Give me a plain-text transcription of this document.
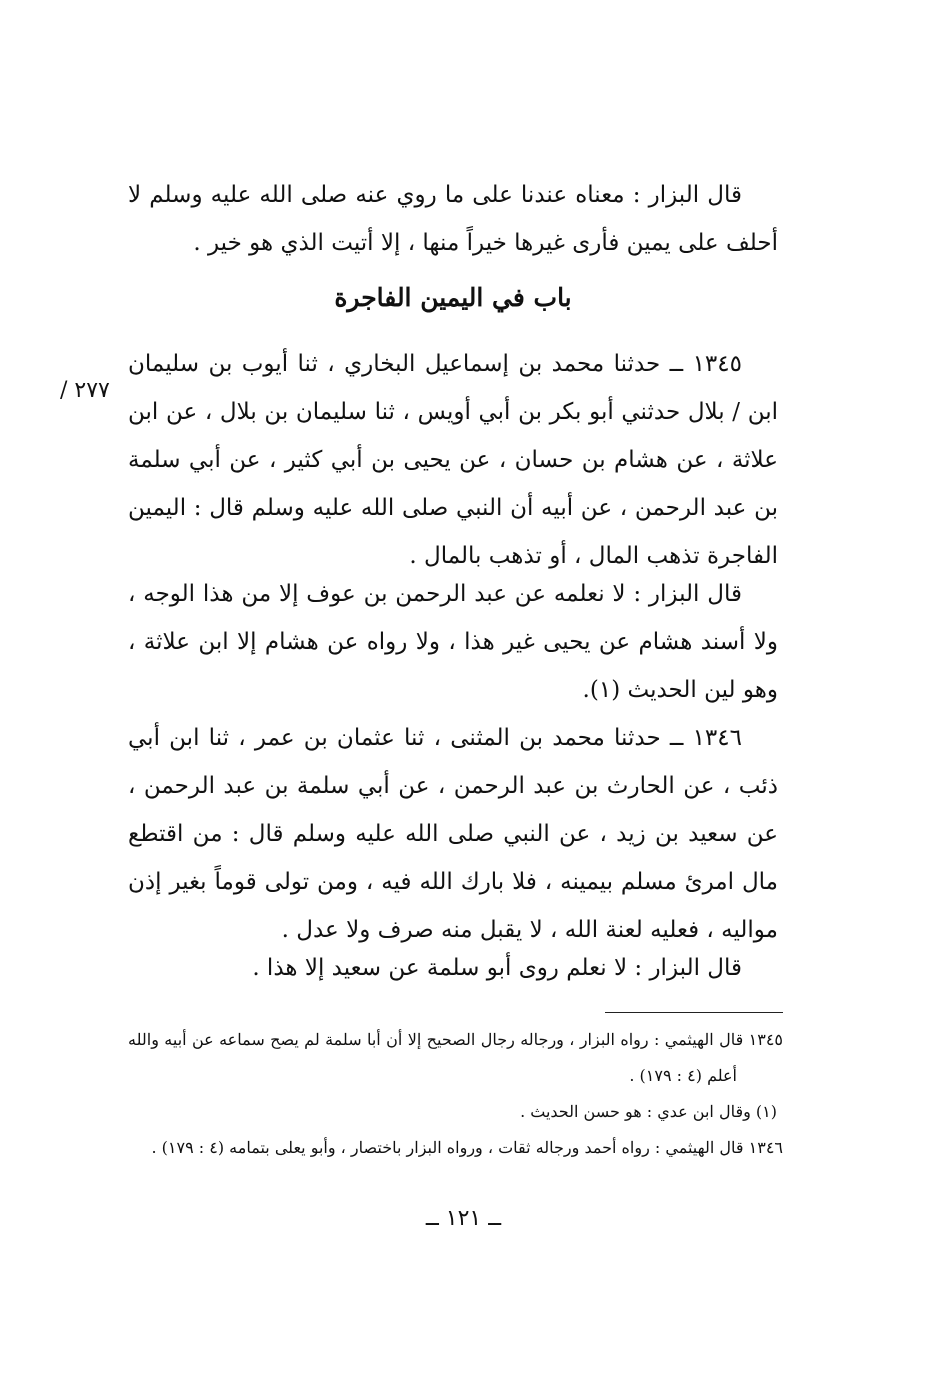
قال البزار : معناه عندنا على ما روي عنه صلى الله عليه وسلم لا أحلف على يمين فأرى غيرها خيراً منها ، إلا أتيت الذي هو خير .

باب في اليمين الفاجرة

١٣٤٥ ــ حدثنا محمد بن إسماعيل البخاري ، ثنا أيوب بن سليمان ابن / بلال حدثني أبو بكر بن أبي أويس ، ثنا سليمان بن بلال ، عن ابن علاثة ، عن هشام بن حسان ، عن يحيى بن أبي كثير ، عن أبي سلمة بن عبد الرحمن ، عن أبيه أن النبي صلى الله عليه وسلم قال : اليمين الفاجرة تذهب المال ، أو تذهب بالمال .

٢٧٧ /

قال البزار : لا نعلمه عن عبد الرحمن بن عوف إلا من هذا الوجه ، ولا أسند هشام عن يحيى غير هذا ، ولا رواه عن هشام إلا ابن علاثة ، وهو لين الحديث (١).

١٣٤٦ ــ حدثنا محمد بن المثنى ، ثنا عثمان بن عمر ، ثنا ابن أبي ذئب ، عن الحارث بن عبد الرحمن ، عن أبي سلمة بن عبد الرحمن ، عن سعيد بن زيد ، عن النبي صلى الله عليه وسلم قال : من اقتطع مال امرئ مسلم بيمينه ، فلا بارك الله فيه ، ومن تولى قوماً بغير إذن مواليه ، فعليه لعنة الله ، لا يقبل منه صرف ولا عدل .

قال البزار : لا نعلم روى أبو سلمة عن سعيد إلا هذا .

١٣٤٥ قال الهيثمي : رواه البزار ، ورجاله رجال الصحيح إلا أن أبا سلمة لم يصح سماعه عن أبيه والله أعلم (٤ : ١٧٩) .

(١) وقال ابن عدي : هو حسن الحديث .

١٣٤٦ قال الهيثمي : رواه أحمد ورجاله ثقات ، ورواه البزار باختصار ، وأبو يعلى بتمامه (٤ : ١٧٩) .

ــ ١٢١ ــ
